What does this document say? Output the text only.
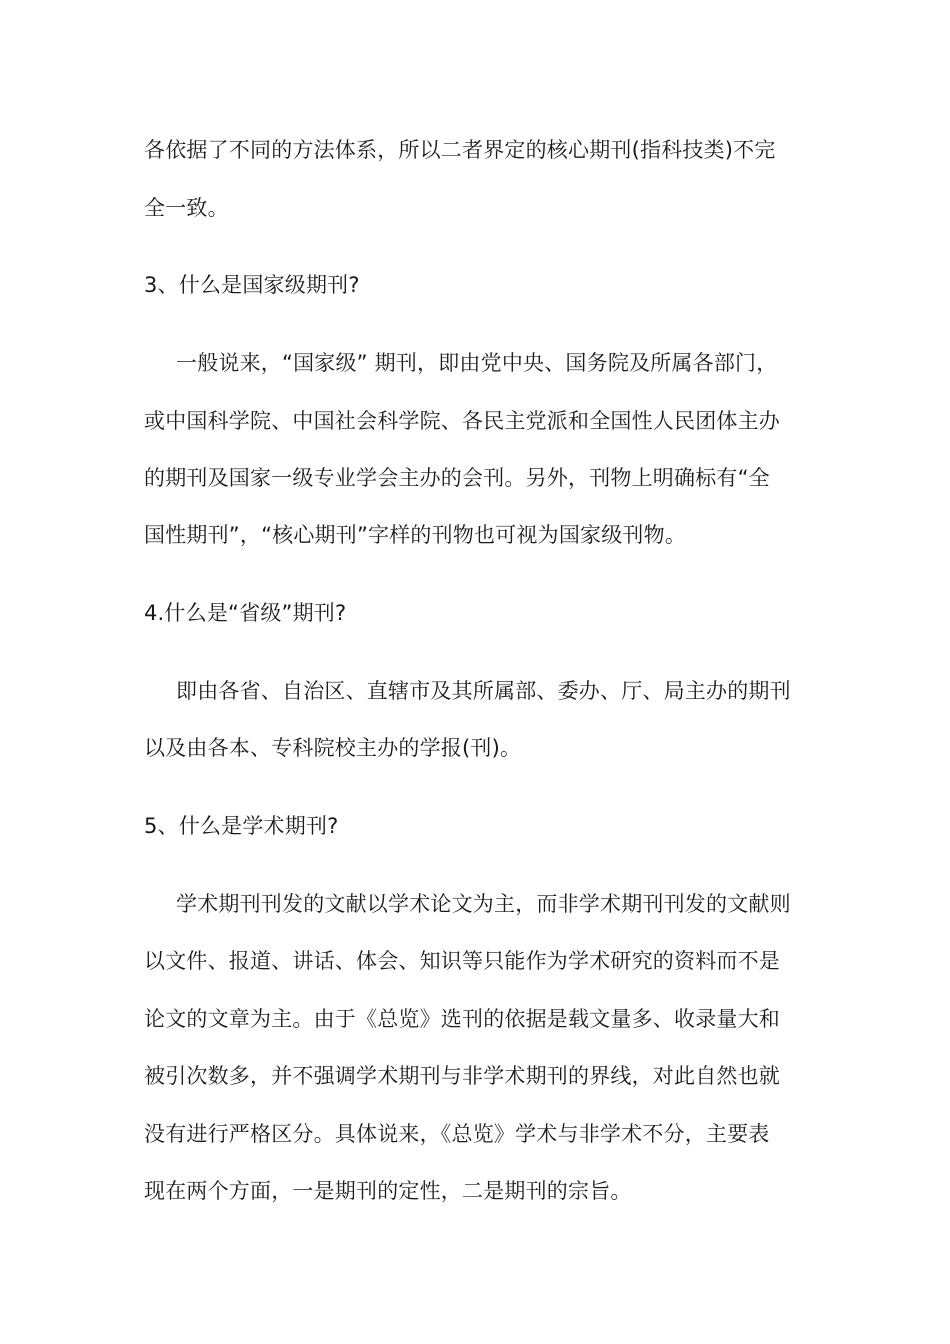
各依据了不同的方法体系，所以二者界定的核心期刊(指科技类)不完
全一致。
3、什么是国家级期刊?
一般说来，“国家级” 期刊，即由党中央、国务院及所属各部门，
或中国科学院、中国社会科学院、各民主党派和全国性人民团体主办
的期刊及国家一级专业学会主办的会刊。另外，刊物上明确标有“全
国性期刊”，“核心期刊”字样的刊物也可视为国家级刊物。
4.什么是“省级”期刊?
即由各省、自治区、直辖市及其所属部、委办、厅、局主办的期刊
以及由各本、专科院校主办的学报(刊)。
5、什么是学术期刊?
学术期刊刊发的文献以学术论文为主，而非学术期刊刊发的文献则
以文件、报道、讲话、体会、知识等只能作为学术研究的资料而不是
论文的文章为主。由于《总览》选刊的依据是载文量多、收录量大和
被引次数多，并不强调学术期刊与非学术期刊的界线，对此自然也就
没有进行严格区分。具体说来，《总览》学术与非学术不分，主要表
现在两个方面，一是期刊的定性，二是期刊的宗旨。
